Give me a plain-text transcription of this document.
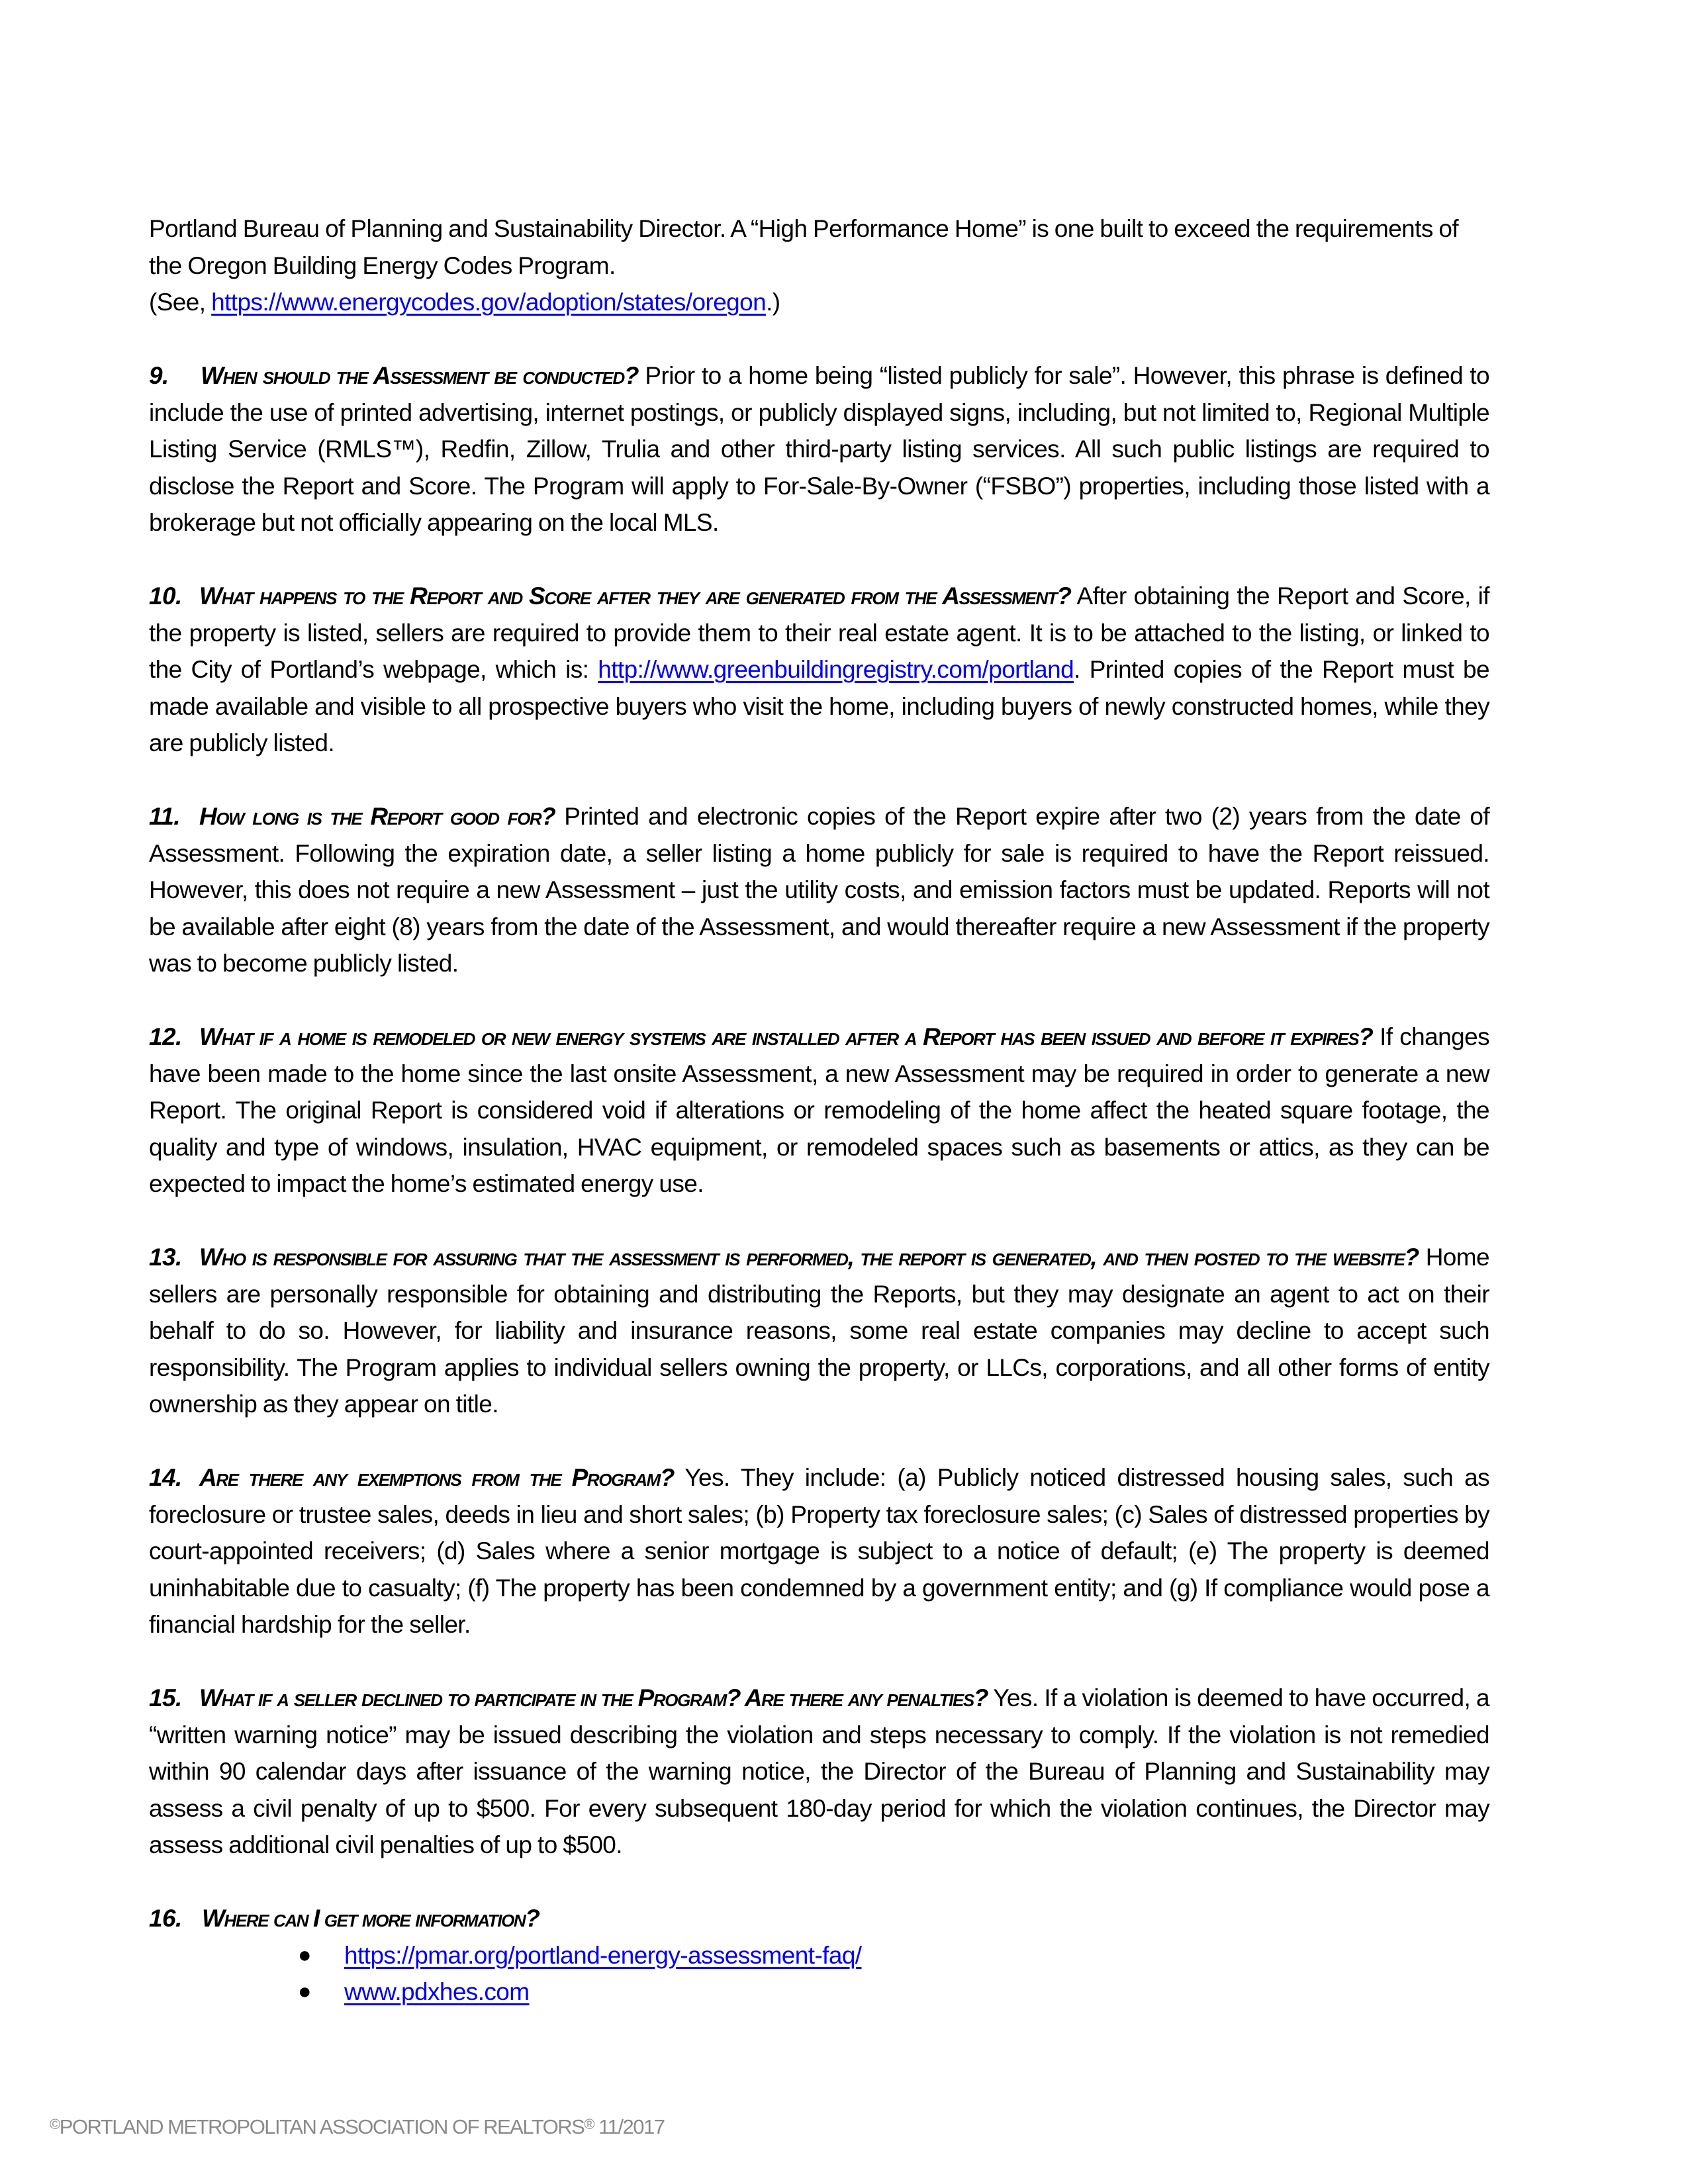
Portland Bureau of Planning and Sustainability Director. A “High Performance Home” is one built to exceed the requirements of the Oregon Building Energy Codes Program.
(See, https://www.energycodes.gov/adoption/states/oregon.)

9. When should the Assessment be conducted? Prior to a home being “listed publicly for sale”. However, this phrase is defined to include the use of printed advertising, internet postings, or publicly displayed signs, including, but not limited to, Regional Multiple Listing Service (RMLS™), Redfin, Zillow, Trulia and other third-party listing services. All such public listings are required to disclose the Report and Score. The Program will apply to For-Sale-By-Owner (“FSBO”) properties, including those listed with a brokerage but not officially appearing on the local MLS.

10. What happens to the Report and Score after they are generated from the Assessment? After obtaining the Report and Score, if the property is listed, sellers are required to provide them to their real estate agent. It is to be attached to the listing, or linked to the City of Portland’s webpage, which is: http://www.greenbuildingregistry.com/portland. Printed copies of the Report must be made available and visible to all prospective buyers who visit the home, including buyers of newly constructed homes, while they are publicly listed.

11. How long is the Report good for? Printed and electronic copies of the Report expire after two (2) years from the date of Assessment. Following the expiration date, a seller listing a home publicly for sale is required to have the Report reissued. However, this does not require a new Assessment – just the utility costs, and emission factors must be updated. Reports will not be available after eight (8) years from the date of the Assessment, and would thereafter require a new Assessment if the property was to become publicly listed.

12. What if a home is remodeled or new energy systems are installed after a Report has been issued and before it expires? If changes have been made to the home since the last onsite Assessment, a new Assessment may be required in order to generate a new Report. The original Report is considered void if alterations or remodeling of the home affect the heated square footage, the quality and type of windows, insulation, HVAC equipment, or remodeled spaces such as basements or attics, as they can be expected to impact the home’s estimated energy use.

13. Who is responsible for assuring that the assessment is performed, the report is generated, and then posted to the website? Home sellers are personally responsible for obtaining and distributing the Reports, but they may designate an agent to act on their behalf to do so. However, for liability and insurance reasons, some real estate companies may decline to accept such responsibility. The Program applies to individual sellers owning the property, or LLCs, corporations, and all other forms of entity ownership as they appear on title.

14. Are there any exemptions from the Program? Yes. They include: (a) Publicly noticed distressed housing sales, such as foreclosure or trustee sales, deeds in lieu and short sales; (b) Property tax foreclosure sales; (c) Sales of distressed properties by court-appointed receivers; (d) Sales where a senior mortgage is subject to a notice of default; (e) The property is deemed uninhabitable due to casualty; (f) The property has been condemned by a government entity; and (g) If compliance would pose a financial hardship for the seller.

15. What if a seller declined to participate in the Program? Are there any penalties? Yes. If a violation is deemed to have occurred, a “written warning notice” may be issued describing the violation and steps necessary to comply. If the violation is not remedied within 90 calendar days after issuance of the warning notice, the Director of the Bureau of Planning and Sustainability may assess a civil penalty of up to $500. For every subsequent 180-day period for which the violation continues, the Director may assess additional civil penalties of up to $500.

16. Where can I get more information?
● https://pmar.org/portland-energy-assessment-faq/
● www.pdxhes.com
©PORTLAND METROPOLITAN ASSOCIATION OF REALTORS® 11/2017
